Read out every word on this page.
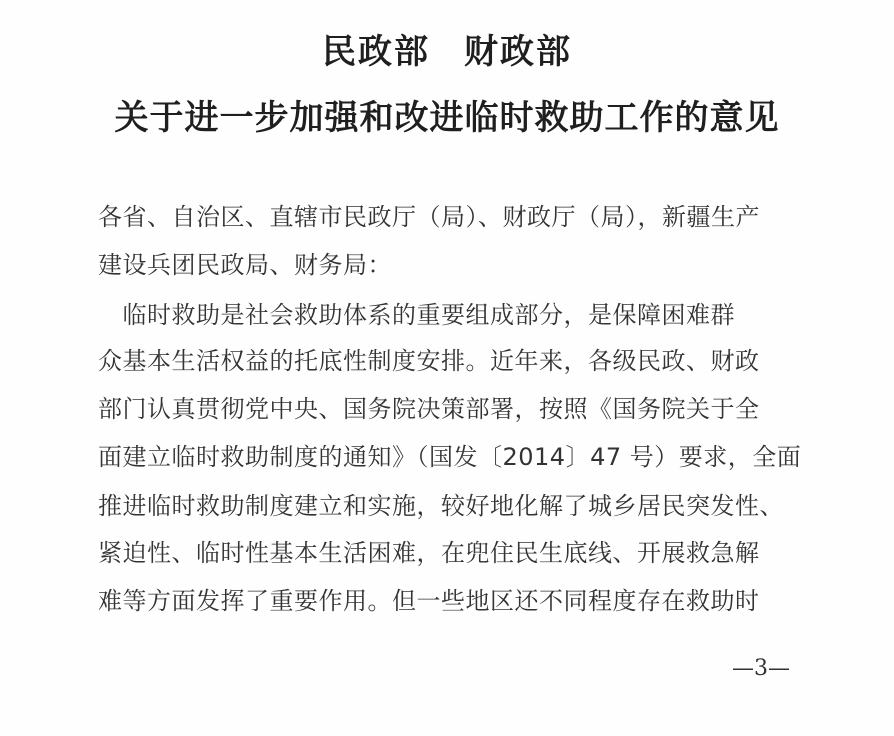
民政部 财政部
关于进一步加强和改进临时救助工作的意见
各省、自治区、直辖市民政厅（局）、财政厅（局），新疆生产
建设兵团民政局、财务局：
　临时救助是社会救助体系的重要组成部分，是保障困难群
众基本生活权益的托底性制度安排。近年来，各级民政、财政
部门认真贯彻党中央、国务院决策部署，按照《国务院关于全
面建立临时救助制度的通知》（国发〔2014〕47 号）要求，全面
推进临时救助制度建立和实施，较好地化解了城乡居民突发性、
紧迫性、临时性基本生活困难，在兜住民生底线、开展救急解
难等方面发挥了重要作用。但一些地区还不同程度存在救助时
—3—
